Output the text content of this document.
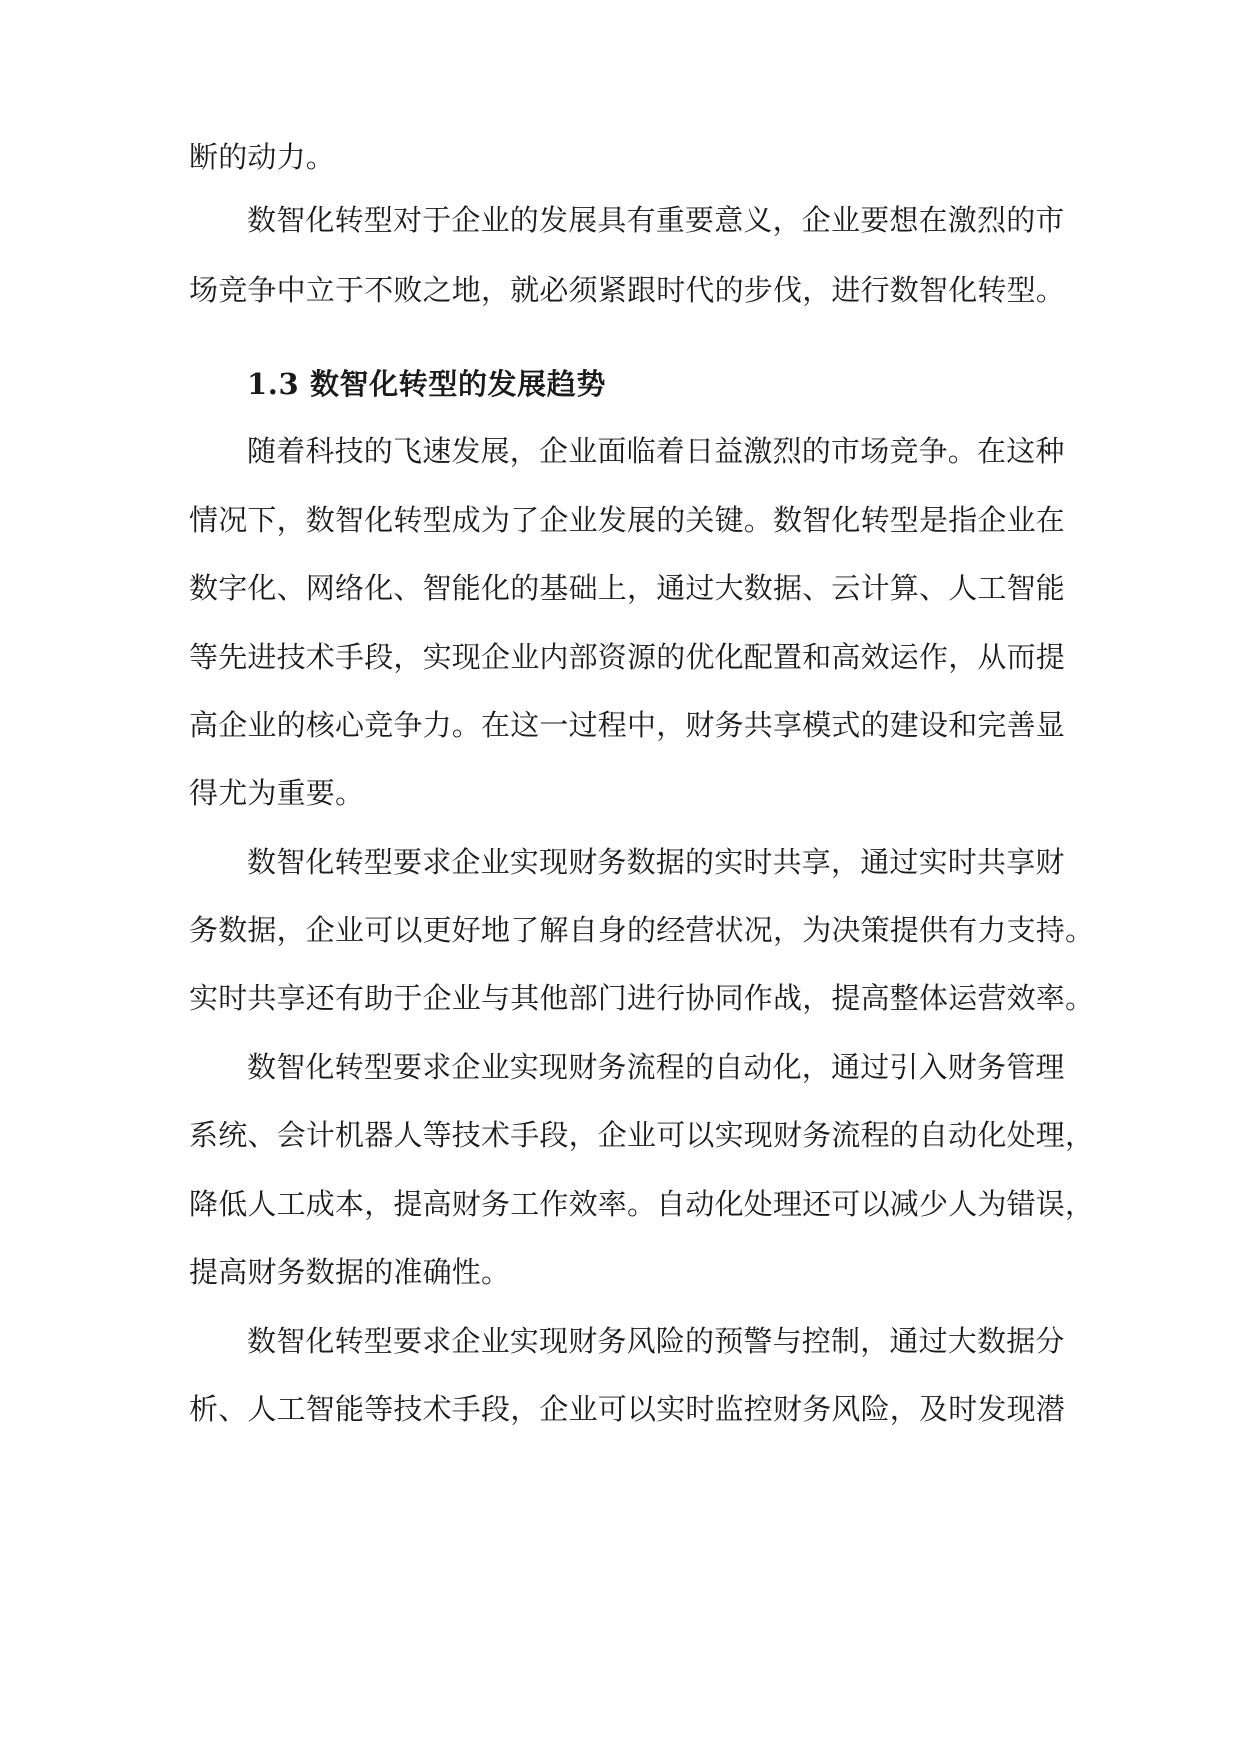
断的动力。
数智化转型对于企业的发展具有重要意义，企业要想在激烈的市
场竞争中立于不败之地，就必须紧跟时代的步伐，进行数智化转型。
1.3 数智化转型的发展趋势
随着科技的飞速发展，企业面临着日益激烈的市场竞争。在这种
情况下，数智化转型成为了企业发展的关键。数智化转型是指企业在
数字化、网络化、智能化的基础上，通过大数据、云计算、人工智能
等先进技术手段，实现企业内部资源的优化配置和高效运作，从而提
高企业的核心竞争力。在这一过程中，财务共享模式的建设和完善显
得尤为重要。
数智化转型要求企业实现财务数据的实时共享，通过实时共享财
务数据，企业可以更好地了解自身的经营状况，为决策提供有力支持。
实时共享还有助于企业与其他部门进行协同作战，提高整体运营效率。
数智化转型要求企业实现财务流程的自动化，通过引入财务管理
系统、会计机器人等技术手段，企业可以实现财务流程的自动化处理，
降低人工成本，提高财务工作效率。自动化处理还可以减少人为错误，
提高财务数据的准确性。
数智化转型要求企业实现财务风险的预警与控制，通过大数据分
析、人工智能等技术手段，企业可以实时监控财务风险，及时发现潜
